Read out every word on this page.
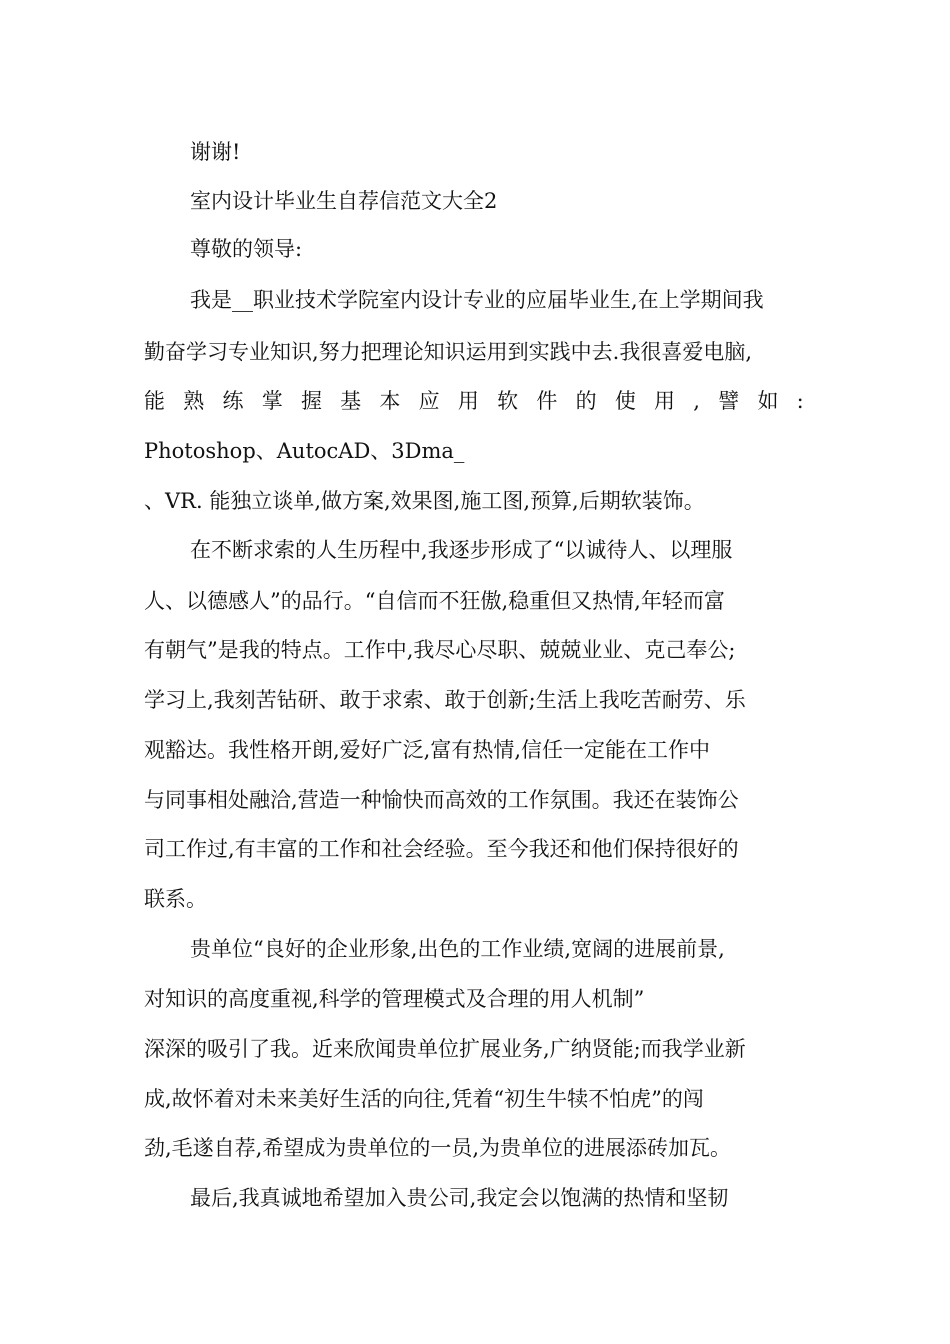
谢谢!
室内设计毕业生自荐信范文大全2
尊敬的领导:
我是__职业技术学院室内设计专业的应届毕业生,在上学期间我
勤奋学习专业知识,努力把理论知识运用到实践中去.我很喜爱电脑,
能 熟 练 掌 握 基 本 应 用 软 件 的 使 用 , 譬 如 :
Photoshop、AutocAD、3Dma_
、VR. 能独立谈单,做方案,效果图,施工图,预算,后期软装饰。
在不断求索的人生历程中,我逐步形成了“以诚待人、以理服
人、以德感人”的品行。“自信而不狂傲,稳重但又热情,年轻而富
有朝气”是我的特点。工作中,我尽心尽职、兢兢业业、克己奉公;
学习上,我刻苦钻研、敢于求索、敢于创新;生活上我吃苦耐劳、乐
观豁达。我性格开朗,爱好广泛,富有热情,信任一定能在工作中
与同事相处融洽,营造一种愉快而高效的工作氛围。我还在装饰公
司工作过,有丰富的工作和社会经验。至今我还和他们保持很好的
联系。
贵单位“良好的企业形象,出色的工作业绩,宽阔的进展前景,
对知识的高度重视,科学的管理模式及合理的用人机制”
深深的吸引了我。近来欣闻贵单位扩展业务,广纳贤能;而我学业新
成,故怀着对未来美好生活的向往,凭着“初生牛犊不怕虎”的闯
劲,毛遂自荐,希望成为贵单位的一员,为贵单位的进展添砖加瓦。
最后,我真诚地希望加入贵公司,我定会以饱满的热情和坚韧
